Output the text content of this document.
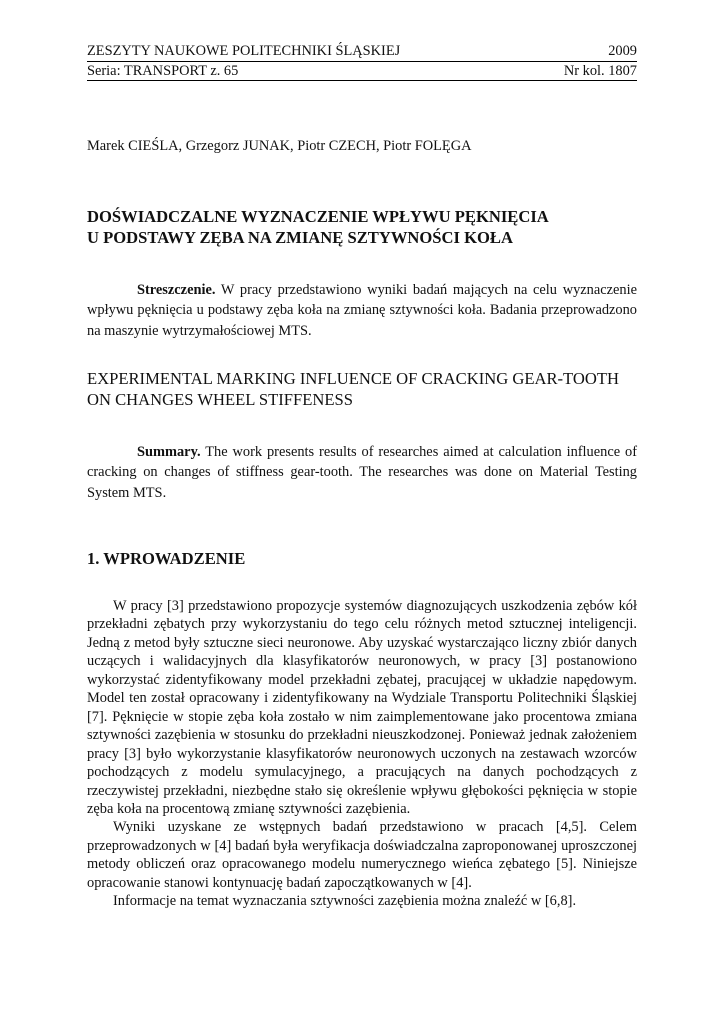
ZESZYTY NAUKOWE POLITECHNIKI ŚLĄSKIEJ	2009
Seria: TRANSPORT z. 65	Nr kol. 1807
Marek CIEŚLA, Grzegorz JUNAK, Piotr CZECH, Piotr FOLĘGA
DOŚWIADCZALNE WYZNACZENIE WPŁYWU PĘKNIĘCIA
U PODSTAWY ZĘBA NA ZMIANĘ SZTYWNOŚCI KOŁA

Streszczenie. W pracy przedstawiono wyniki badań mających na celu wyznaczenie wpływu pęknięcia u podstawy zęba koła na zmianę sztywności koła. Badania przeprowadzono na maszynie wytrzymałościowej MTS.

EXPERIMENTAL MARKING INFLUENCE OF CRACKING GEAR-TOOTH
ON CHANGES WHEEL STIFFENESS

Summary. The work presents results of researches aimed at calculation influence of cracking on changes of stiffness gear-tooth. The researches was done on Material Testing System MTS.

1. WPROWADZENIE

W pracy [3] przedstawiono propozycje systemów diagnozujących uszkodzenia zębów kół przekładni zębatych przy wykorzystaniu do tego celu różnych metod sztucznej inteligencji. Jedną z metod były sztuczne sieci neuronowe. Aby uzyskać wystarczająco liczny zbiór danych uczących i walidacyjnych dla klasyfikatorów neuronowych, w pracy [3] postanowiono wykorzystać zidentyfikowany model przekładni zębatej, pracującej w układzie napędowym. Model ten został opracowany i zidentyfikowany na Wydziale Transportu Politechniki Śląskiej [7]. Pęknięcie w stopie zęba koła zostało w nim zaimplementowane jako procentowa zmiana sztywności zazębienia w stosunku do przekładni nieuszkodzonej. Ponieważ jednak założeniem pracy [3] było wykorzystanie klasyfikatorów neuronowych uczonych na zestawach wzorców pochodzących z modelu symulacyjnego, a pracujących na danych pochodzących z rzeczywistej przekładni, niezbędne stało się określenie wpływu głębokości pęknięcia w stopie zęba koła na procentową zmianę sztywności zazębienia.

Wyniki uzyskane ze wstępnych badań przedstawiono w pracach [4,5]. Celem przeprowadzonych w [4] badań była weryfikacja doświadczalna zaproponowanej uproszczonej metody obliczeń oraz opracowanego modelu numerycznego wieńca zębatego [5]. Niniejsze opracowanie stanowi kontynuację badań zapoczątkowanych w [4].

Informacje na temat wyznaczania sztywności zazębienia można znaleźć w [6,8].
